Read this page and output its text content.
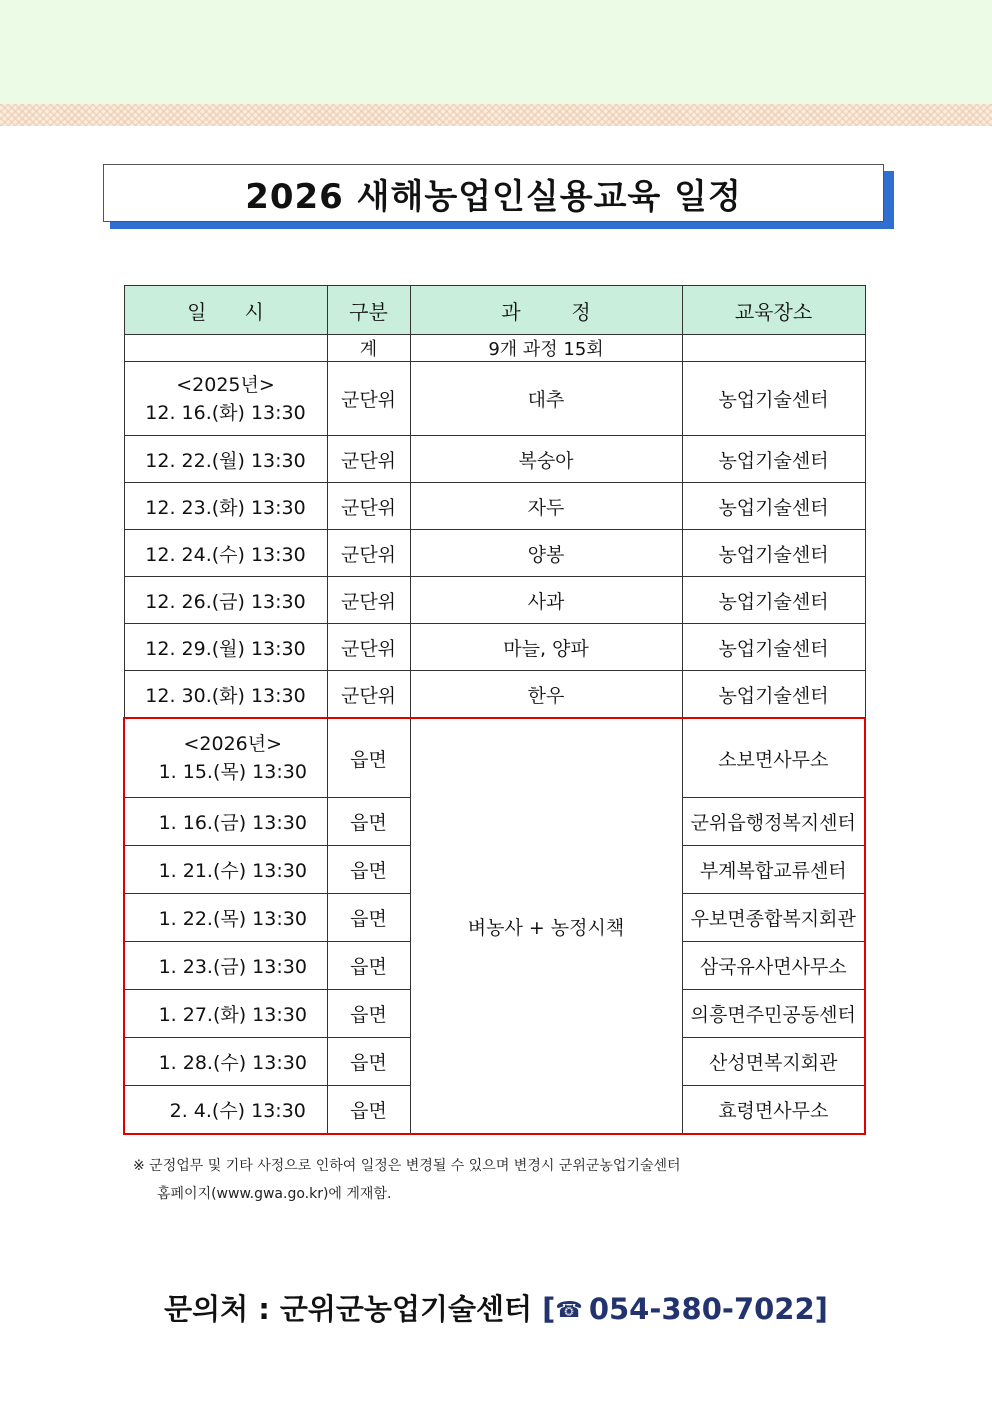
2026 새해농업인실용교육 일정
일      시	구분	과        정	교육장소
	계	9개 과정 15회	

<2025년>
12. 16.(화) 13:30	군단위	대추	농업기술센터
12. 22.(월) 13:30	군단위	복숭아	농업기술센터
12. 23.(화) 13:30	군단위	자두	농업기술센터
12. 24.(수) 13:30	군단위	양봉	농업기술센터
12. 26.(금) 13:30	군단위	사과	농업기술센터
12. 29.(월) 13:30	군단위	마늘, 양파	농업기술센터
12. 30.(화) 13:30	군단위	한우	농업기술센터

<2026년>
1. 15.(목) 13:30	읍면	벼농사 + 농정시책	소보면사무소
1. 16.(금) 13:30	읍면		군위읍행정복지센터
1. 21.(수) 13:30	읍면		부계복합교류센터
1. 22.(목) 13:30	읍면		우보면종합복지회관
1. 23.(금) 13:30	읍면		삼국유사면사무소
1. 27.(화) 13:30	읍면		의흥면주민공동센터
1. 28.(수) 13:30	읍면		산성면복지회관
2. 4.(수) 13:30	읍면		효령면사무소
※ 군정업무 및 기타 사정으로 인하여 일정은 변경될 수 있으며 변경시 군위군농업기술센터
홈페이지(www.gwa.go.kr)에 게재함.
문의처 : 군위군농업기술센터 [☎ 054-380-7022]
